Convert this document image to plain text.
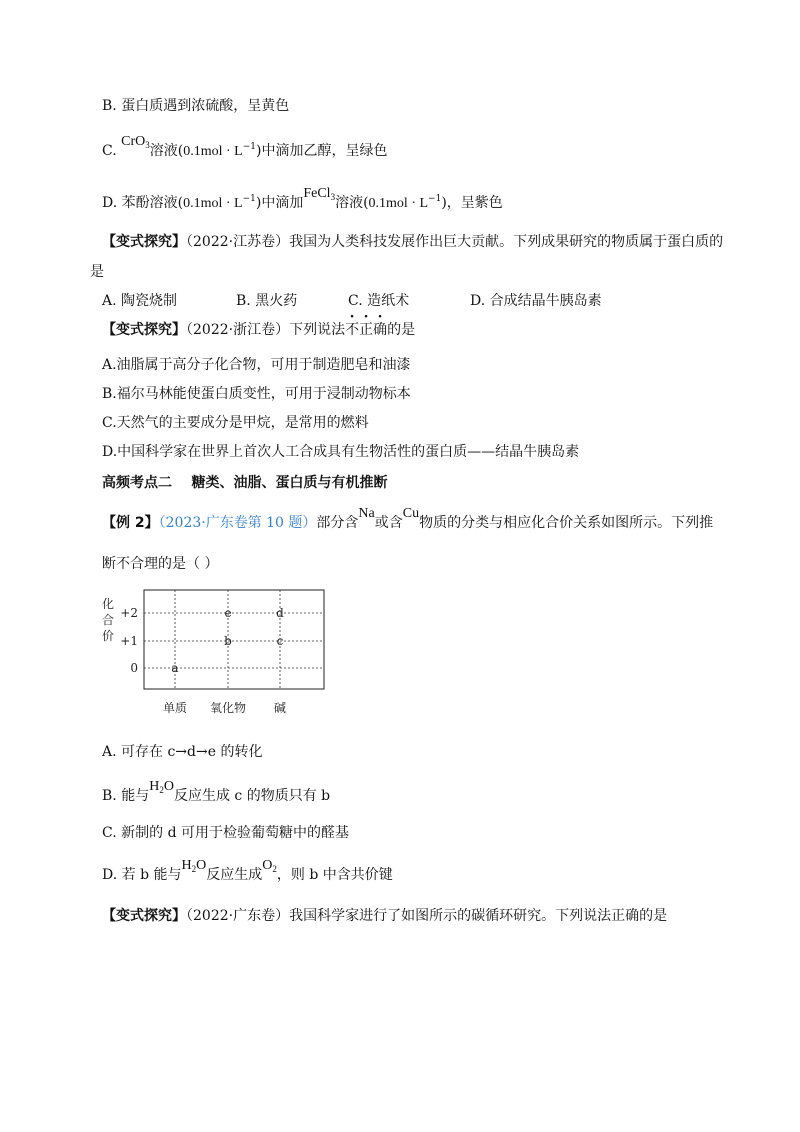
B. 蛋白质遇到浓硫酸，呈黄色
C. CrO$_3$溶液$(0.1mol \cdot L^{-1})$中滴加乙醇，呈绿色
D. 苯酚溶液$(0.1mol \cdot L^{-1})$中滴加FeCl$_3$溶液$(0.1mol \cdot L^{-1})$，呈紫色
【变式探究】（2022·江苏卷）我国为人类科技发展作出巨大贡献。下列成果研究的物质属于蛋白质的
是
A. 陶瓷烧制	B. 黑火药	C. 造纸术	D. 合成结晶牛胰岛素
【变式探究】（2022·浙江卷）下列说法不正确的是
A.油脂属于高分子化合物，可用于制造肥皂和油漆
B.福尔马林能使蛋白质变性，可用于浸制动物标本
C.天然气的主要成分是甲烷，是常用的燃料
D.中国科学家在世界上首次人工合成具有生物活性的蛋白质——结晶牛胰岛素
高频考点二    糖类、油脂、蛋白质与有机推断
【例 2】（2023·广东卷第 10 题）部分含Na或含Cu物质的分类与相应化合价关系如图所示。下列推
断不合理的是（ ）
化
合
价
+2
+1
0
单质 氧化物 碱
a
b
e
c
d
A. 可存在 c→d→e 的转化
B. 能与$H_2O$反应生成 c 的物质只有 b
C. 新制的 d 可用于检验葡萄糖中的醛基
D. 若 b 能与$H_2O$反应生成$O_2$，则 b 中含共价键
【变式探究】（2022·广东卷）我国科学家进行了如图所示的碳循环研究。下列说法正确的是
